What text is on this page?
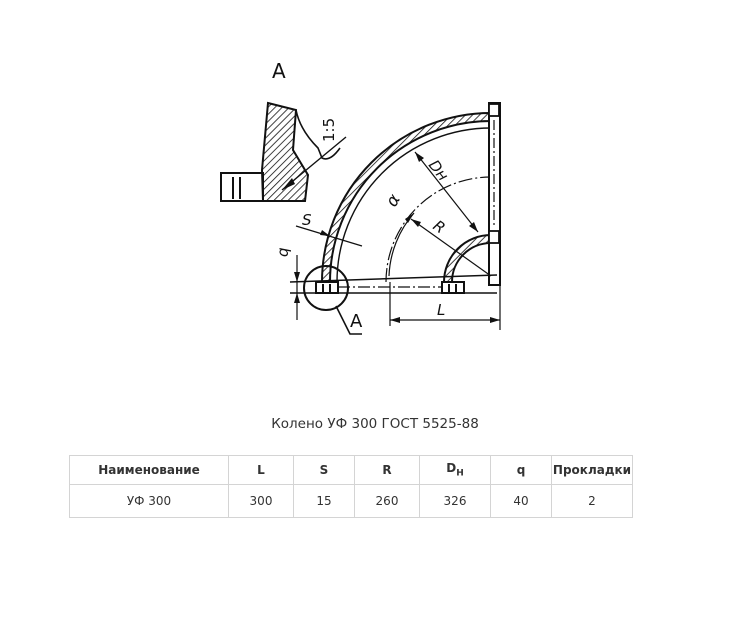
A
1:5
A
Dн
R
α
S
q
L
Колено УФ 300 ГОСТ 5525-88
Наименование	L	S	R	$D_H$	q	Прокладки
УФ 300	300	15	260	326	40	2
